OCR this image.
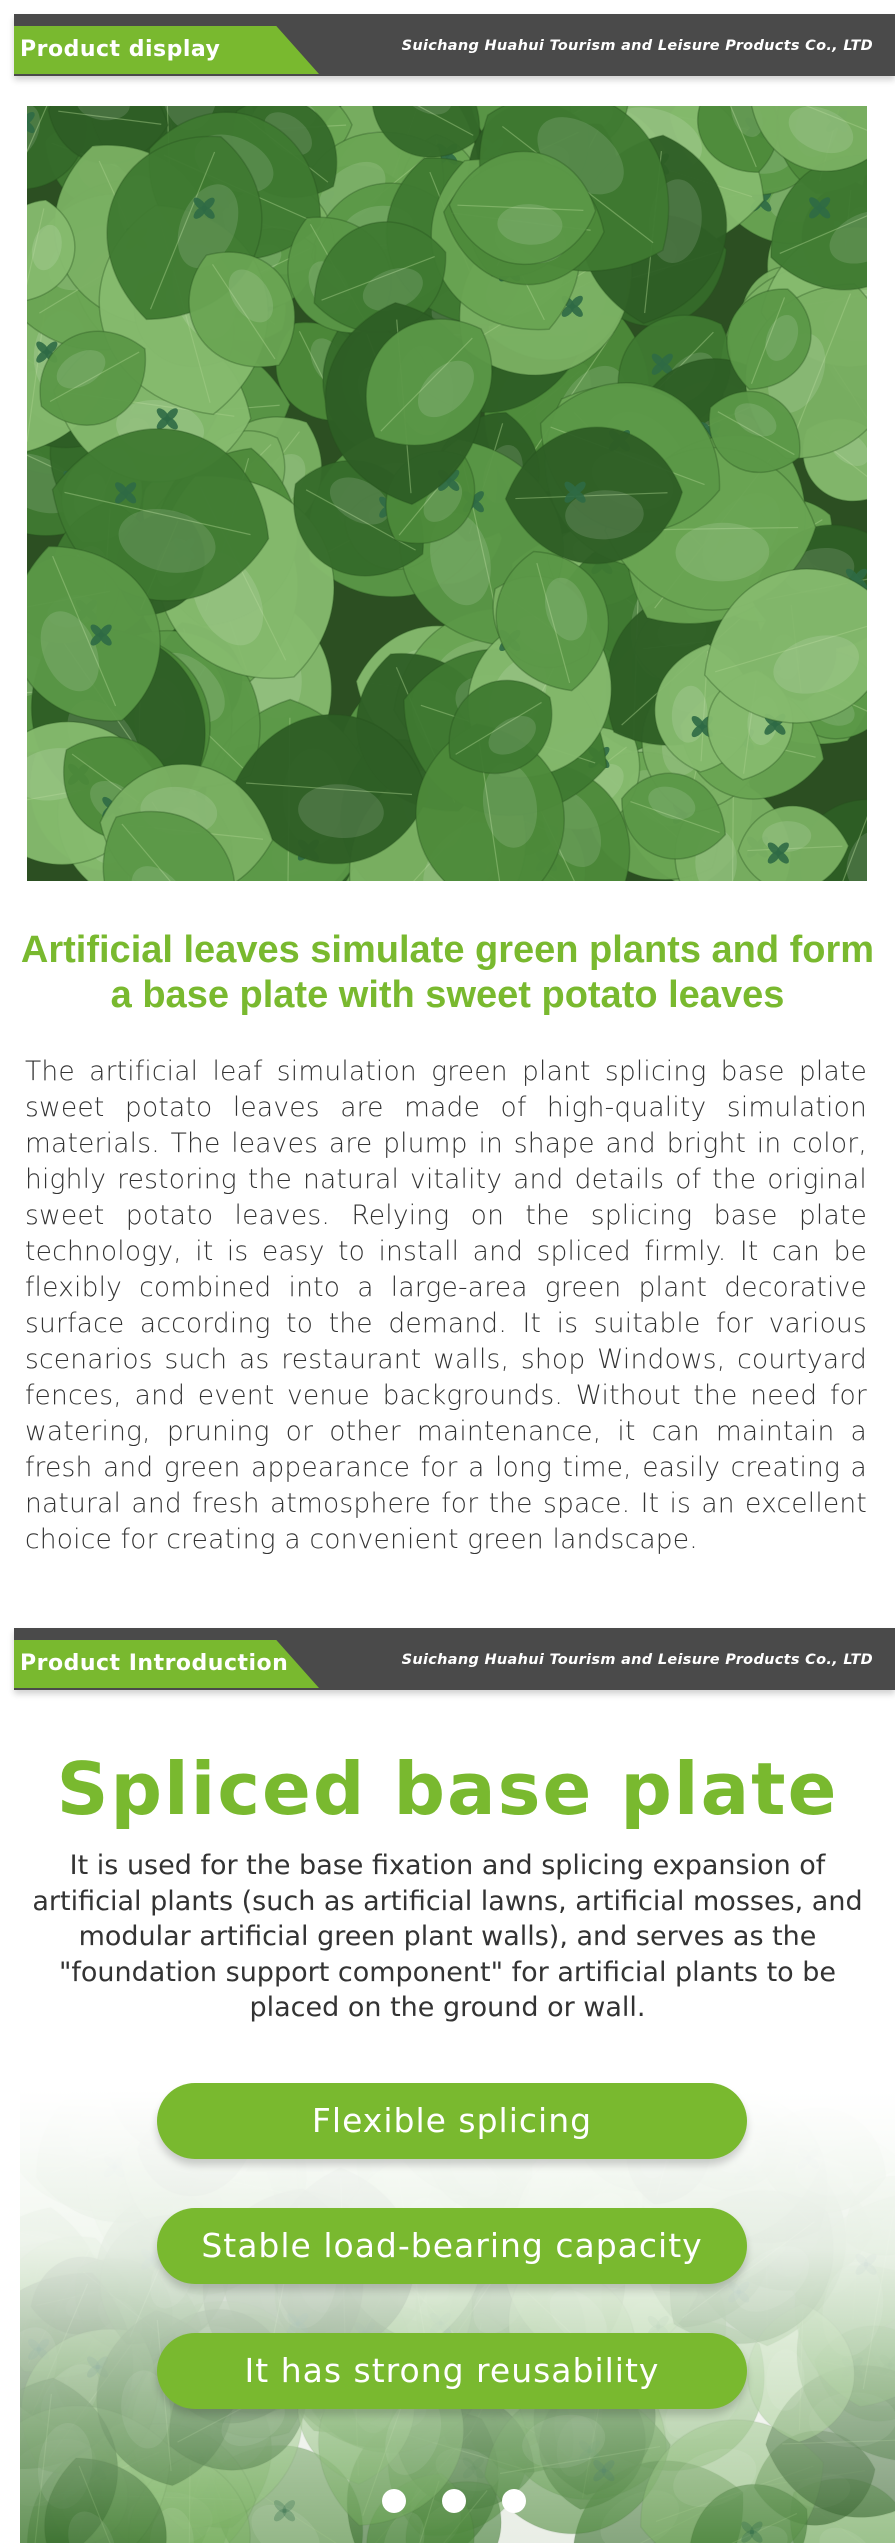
Product display	Suichang Huahui Tourism and Leisure Products Co., LTD
Artificial leaves simulate green plants and form a base plate with sweet potato leaves
The artificial leaf simulation green plant splicing base plate sweet potato leaves are made of high-quality simulation materials. The leaves are plump in shape and bright in color, highly restoring the natural vitality and details of the original sweet potato leaves. Relying on the splicing base plate technology, it is easy to install and spliced firmly. It can be flexibly combined into a large-area green plant decorative surface according to the demand. It is suitable for various scenarios such as restaurant walls, shop Windows, courtyard fences, and event venue backgrounds. Without the need for watering, pruning or other maintenance, it can maintain a fresh and green appearance for a long time, easily creating a natural and fresh atmosphere for the space. It is an excellent choice for creating a convenient green landscape.
Product Introduction	Suichang Huahui Tourism and Leisure Products Co., LTD
Spliced base plate
It is used for the base fixation and splicing expansion of artificial plants (such as artificial lawns, artificial mosses, and modular artificial green plant walls), and serves as the "foundation support component" for artificial plants to be placed on the ground or wall.
Flexible splicing
Stable load-bearing capacity
It has strong reusability
